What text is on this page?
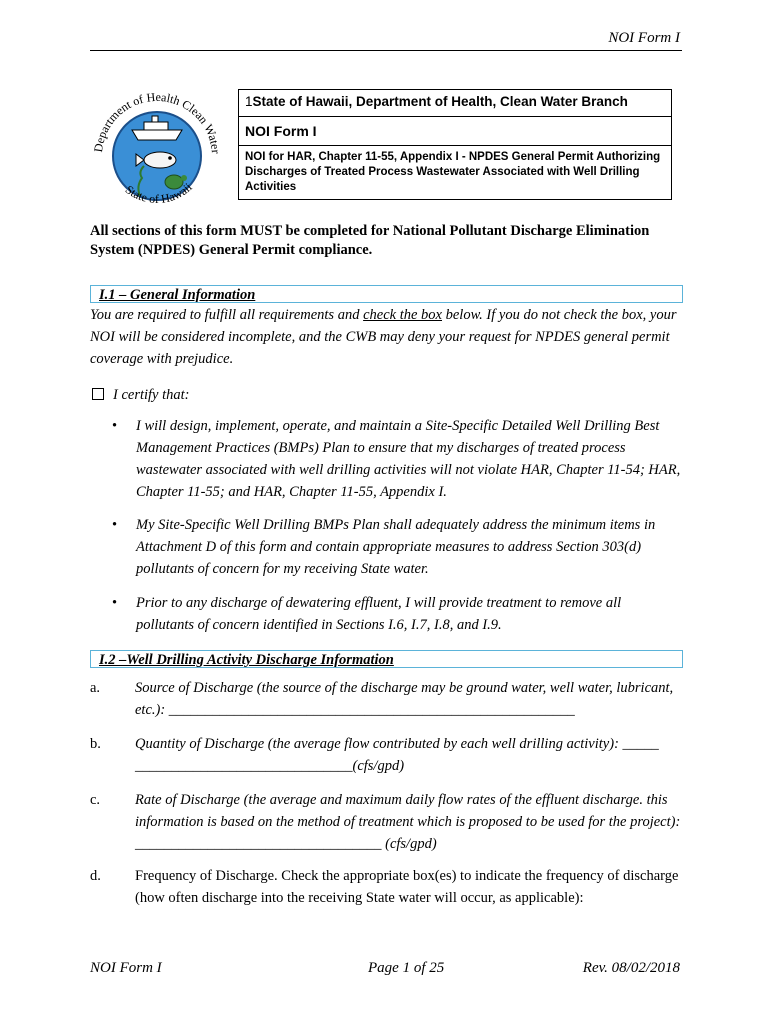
NOI Form I
Department of Health Clean Water
State of Hawaii
1State of Hawaii, Department of Health, Clean Water Branch
NOI Form I
NOI for HAR, Chapter 11-55, Appendix I - NPDES General Permit Authorizing Discharges of Treated Process Wastewater Associated with Well Drilling Activities
All sections of this form MUST be completed for National Pollutant Discharge Elimination System (NPDES) General Permit compliance.
I.1 – General Information
You are required to fulfill all requirements and check the box below. If you do not check the box, your NOI will be considered incomplete, and the CWB may deny your request for NPDES general permit coverage with prejudice.
I certify that:
• I will design, implement, operate, and maintain a Site-Specific Detailed Well Drilling Best Management Practices (BMPs) Plan to ensure that my discharges of treated process wastewater associated with well drilling activities will not violate HAR, Chapter 11-54; HAR, Chapter 11-55; and HAR, Chapter 11-55, Appendix I.
• My Site-Specific Well Drilling BMPs Plan shall adequately address the minimum items in Attachment D of this form and contain appropriate measures to address Section 303(d) pollutants of concern for my receiving State water.
• Prior to any discharge of dewatering effluent, I will provide treatment to remove all pollutants of concern identified in Sections I.6, I.7, I.8, and I.9.
I.2 –Well Drilling Activity Discharge Information
a. Source of Discharge (the source of the discharge may be ground water, well water, lubricant, etc.): ________________________________________________________
b. Quantity of Discharge (the average flow contributed by each well drilling activity): _____ ______________________________(cfs/gpd)
c. Rate of Discharge (the average and maximum daily flow rates of the effluent discharge. this information is based on the method of treatment which is proposed to be used for the project): __________________________________ (cfs/gpd)
d. Frequency of Discharge. Check the appropriate box(es) to indicate the frequency of discharge (how often discharge into the receiving State water will occur, as applicable):
NOI Form I	Page 1 of 25	Rev. 08/02/2018
